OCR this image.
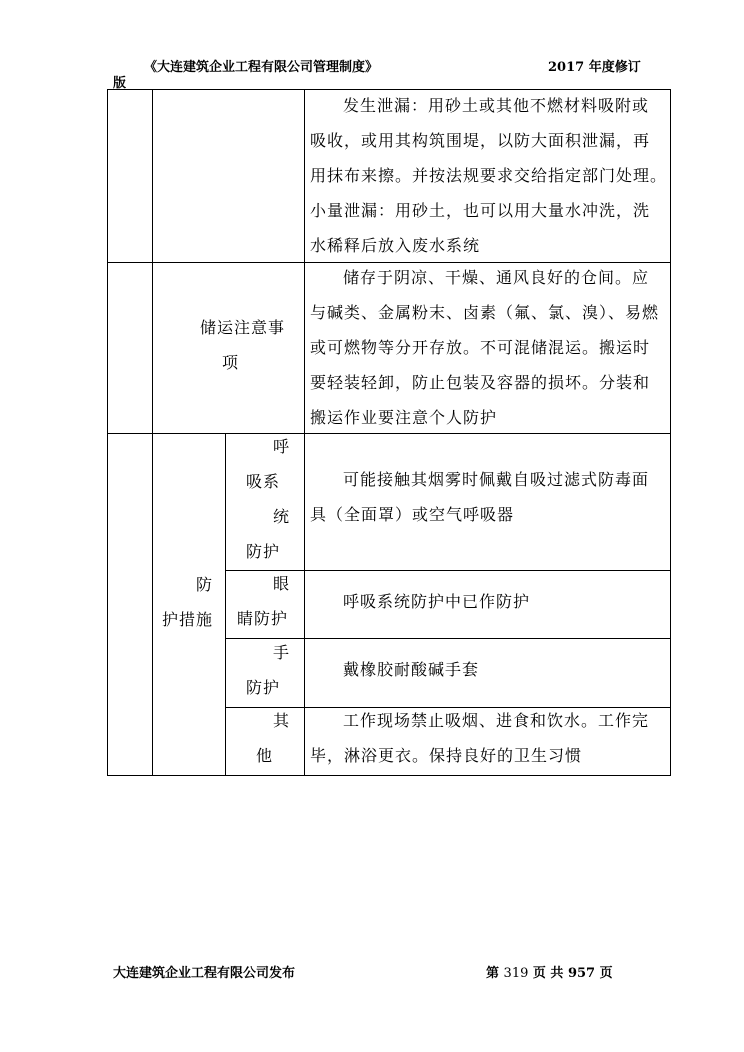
《大连建筑企业工程有限公司管理制度》	2017 年度修订
版
发生泄漏：用砂土或其他不燃材料吸附或
吸收，或用其构筑围堤，以防大面积泄漏，再
用抹布来擦。并按法规要求交给指定部门处理。
小量泄漏：用砂土，也可以用大量水冲洗，洗
水稀释后放入废水系统
储运注意事
项
储存于阴凉、干燥、通风良好的仓间。应
与碱类、金属粉末、卤素（氟、氯、溴）、易燃
或可燃物等分开存放。不可混储混运。搬运时
要轻装轻卸，防止包装及容器的损坏。分装和
搬运作业要注意个人防护
防
护措施
呼
吸系
统
防护
可能接触其烟雾时佩戴自吸过滤式防毒面
具（全面罩）或空气呼吸器
眼
睛防护
呼吸系统防护中已作防护
手
防护
戴橡胶耐酸碱手套
其
他
工作现场禁止吸烟、进食和饮水。工作完
毕，淋浴更衣。保持良好的卫生习惯
大连建筑企业工程有限公司发布	第 319 页 共 957 页
